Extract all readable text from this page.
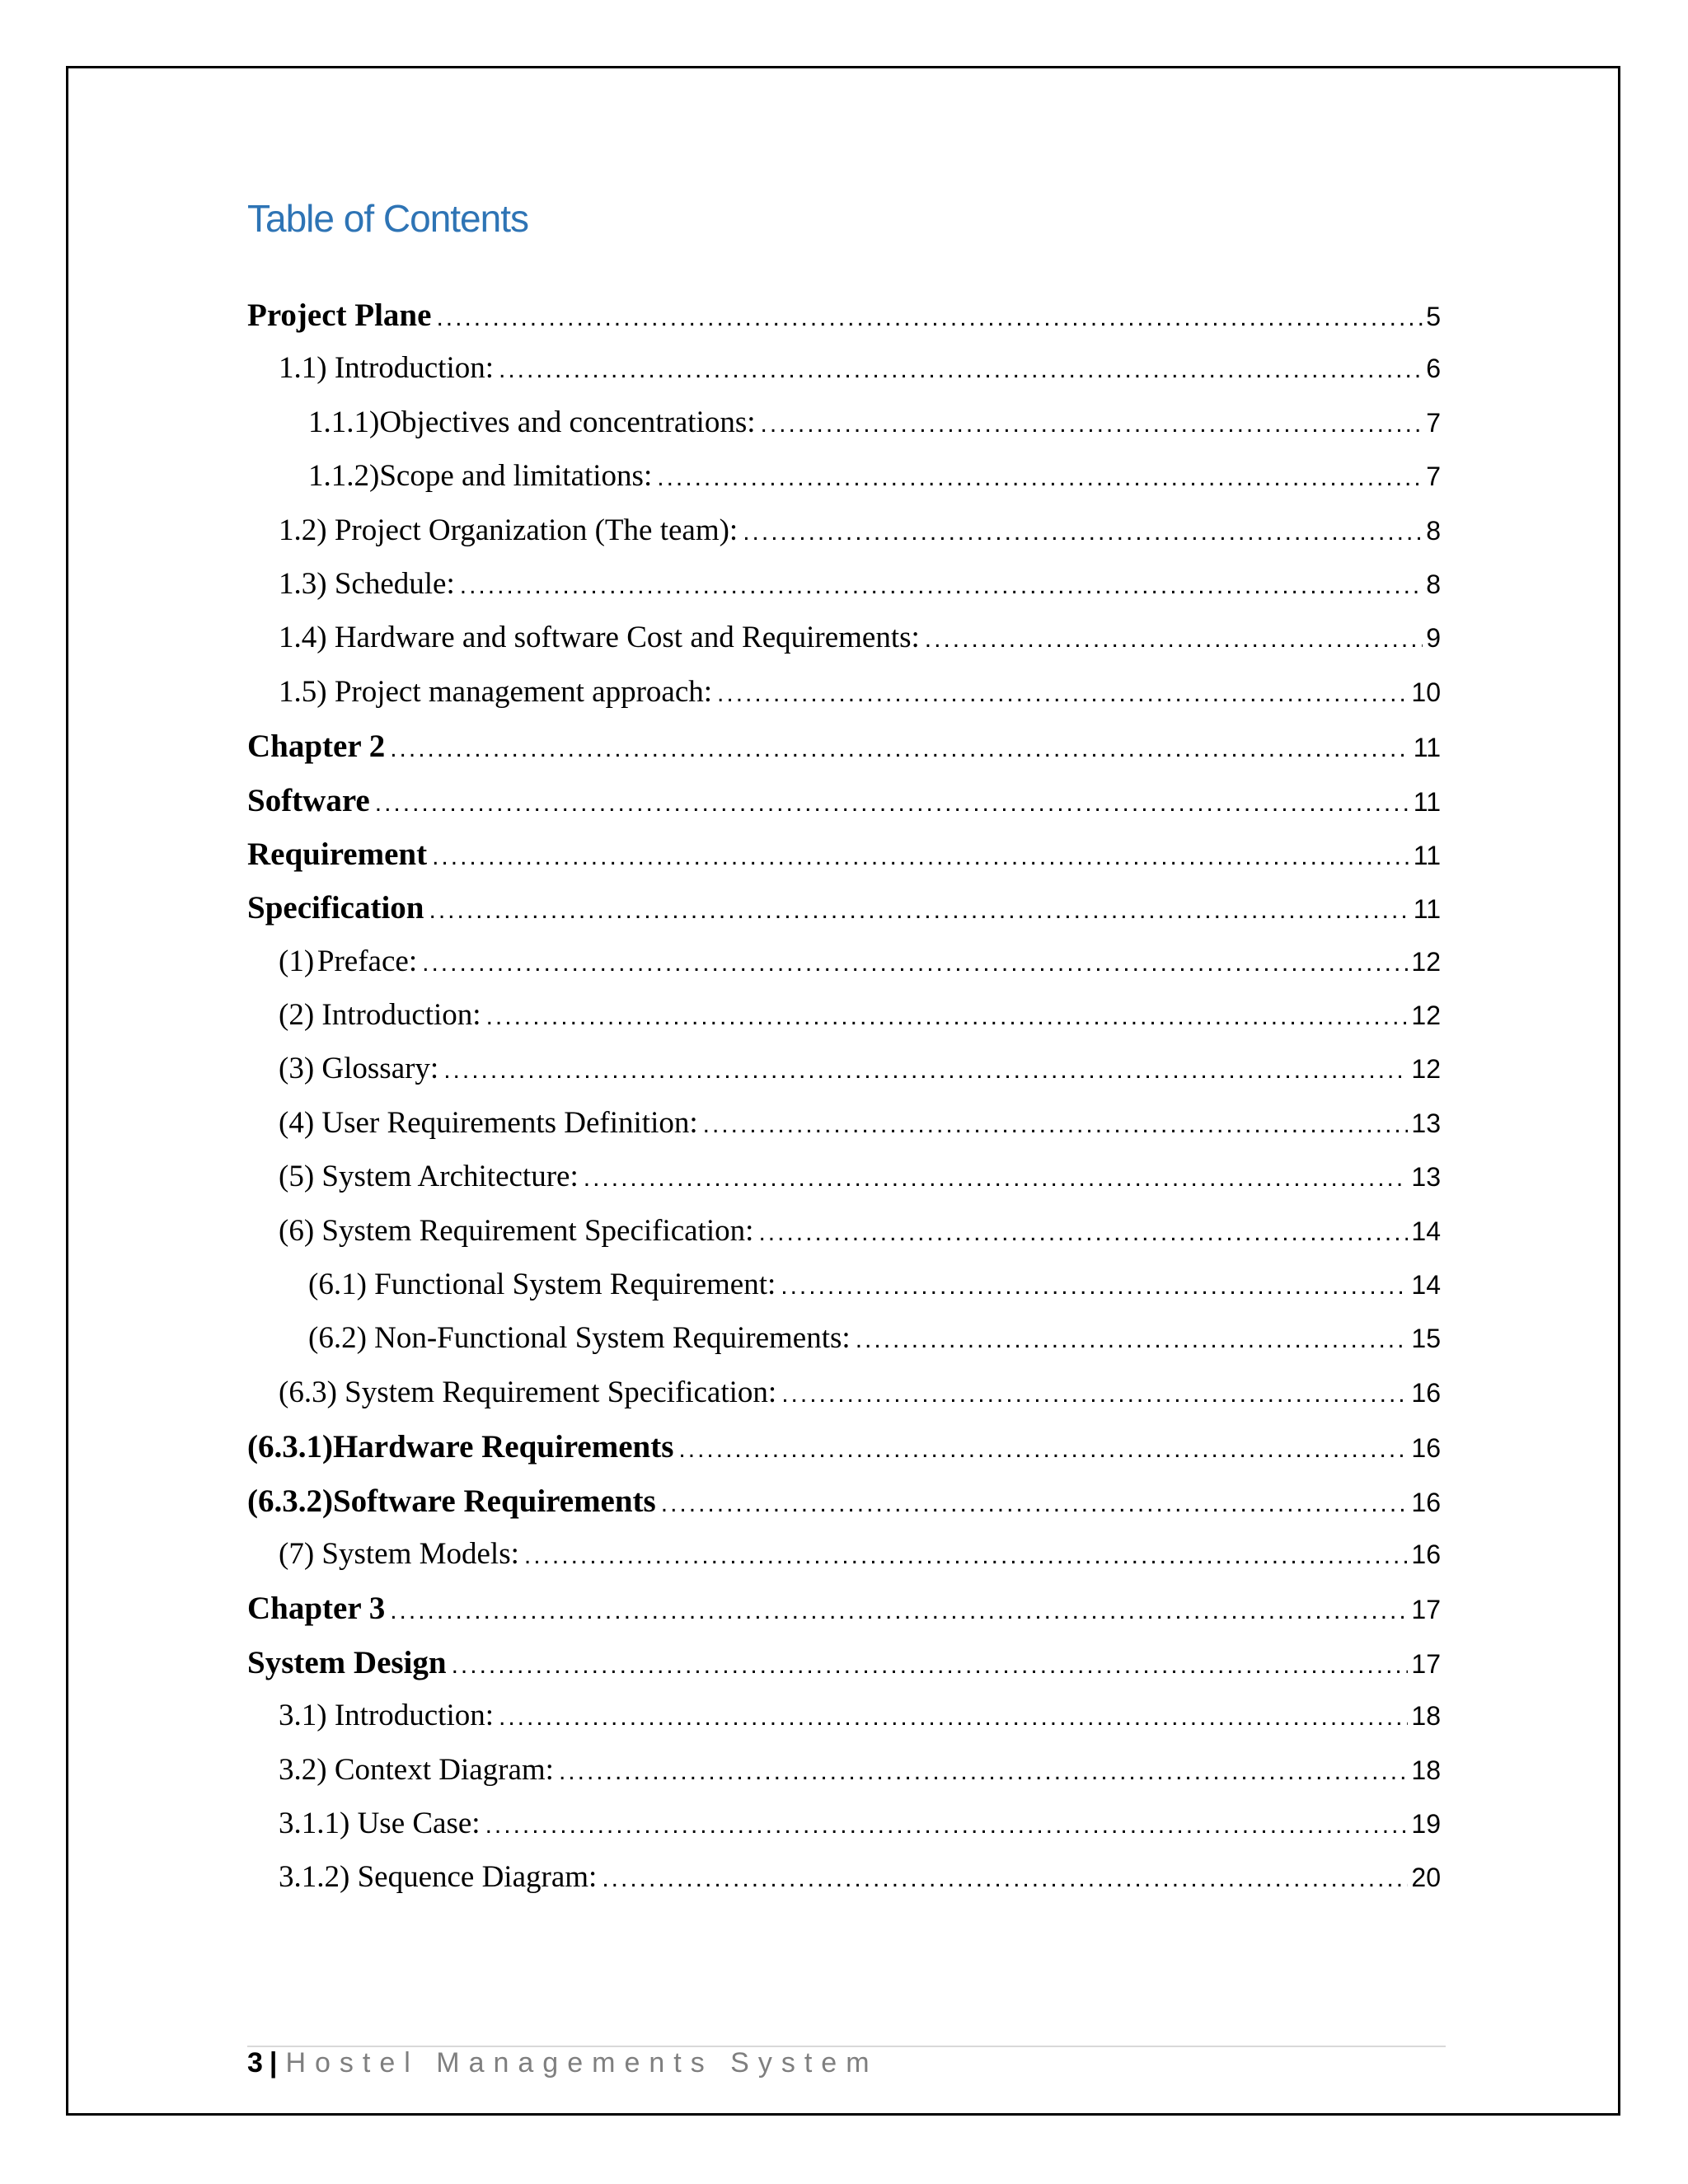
Table of Contents
Project Plane .....	5
1.1) Introduction: .....	6
1.1.1) Objectives and concentrations: .....	7
1.1.2) Scope and limitations: .....	7
1.2) Project Organization (The team): .....	8
1.3) Schedule: .....	8
1.4) Hardware and software Cost and Requirements: .....	9
1.5) Project management approach: .....	10
Chapter 2 .....	11
Software .....	11
Requirement .....	11
Specification .....	11
(1) Preface: .....	12
(2) Introduction: .....	12
(3) Glossary: .....	12
(4) User Requirements Definition: .....	13
(5) System Architecture: .....	13
(6) System Requirement Specification: .....	14
(6.1) Functional System Requirement: .....	14
(6.2) Non-Functional System Requirements: .....	15
(6.3) System Requirement Specification: .....	16
(6.3.1)Hardware Requirements .....	16
(6.3.2)Software Requirements .....	16
(7) System Models: .....	16
Chapter 3 .....	17
System Design .....	17
3.1) Introduction: .....	18
3.2) Context Diagram: .....	18
3.1.1) Use Case: .....	19
3.1.2) Sequence Diagram: .....	20
3 | Hostel Managements System
